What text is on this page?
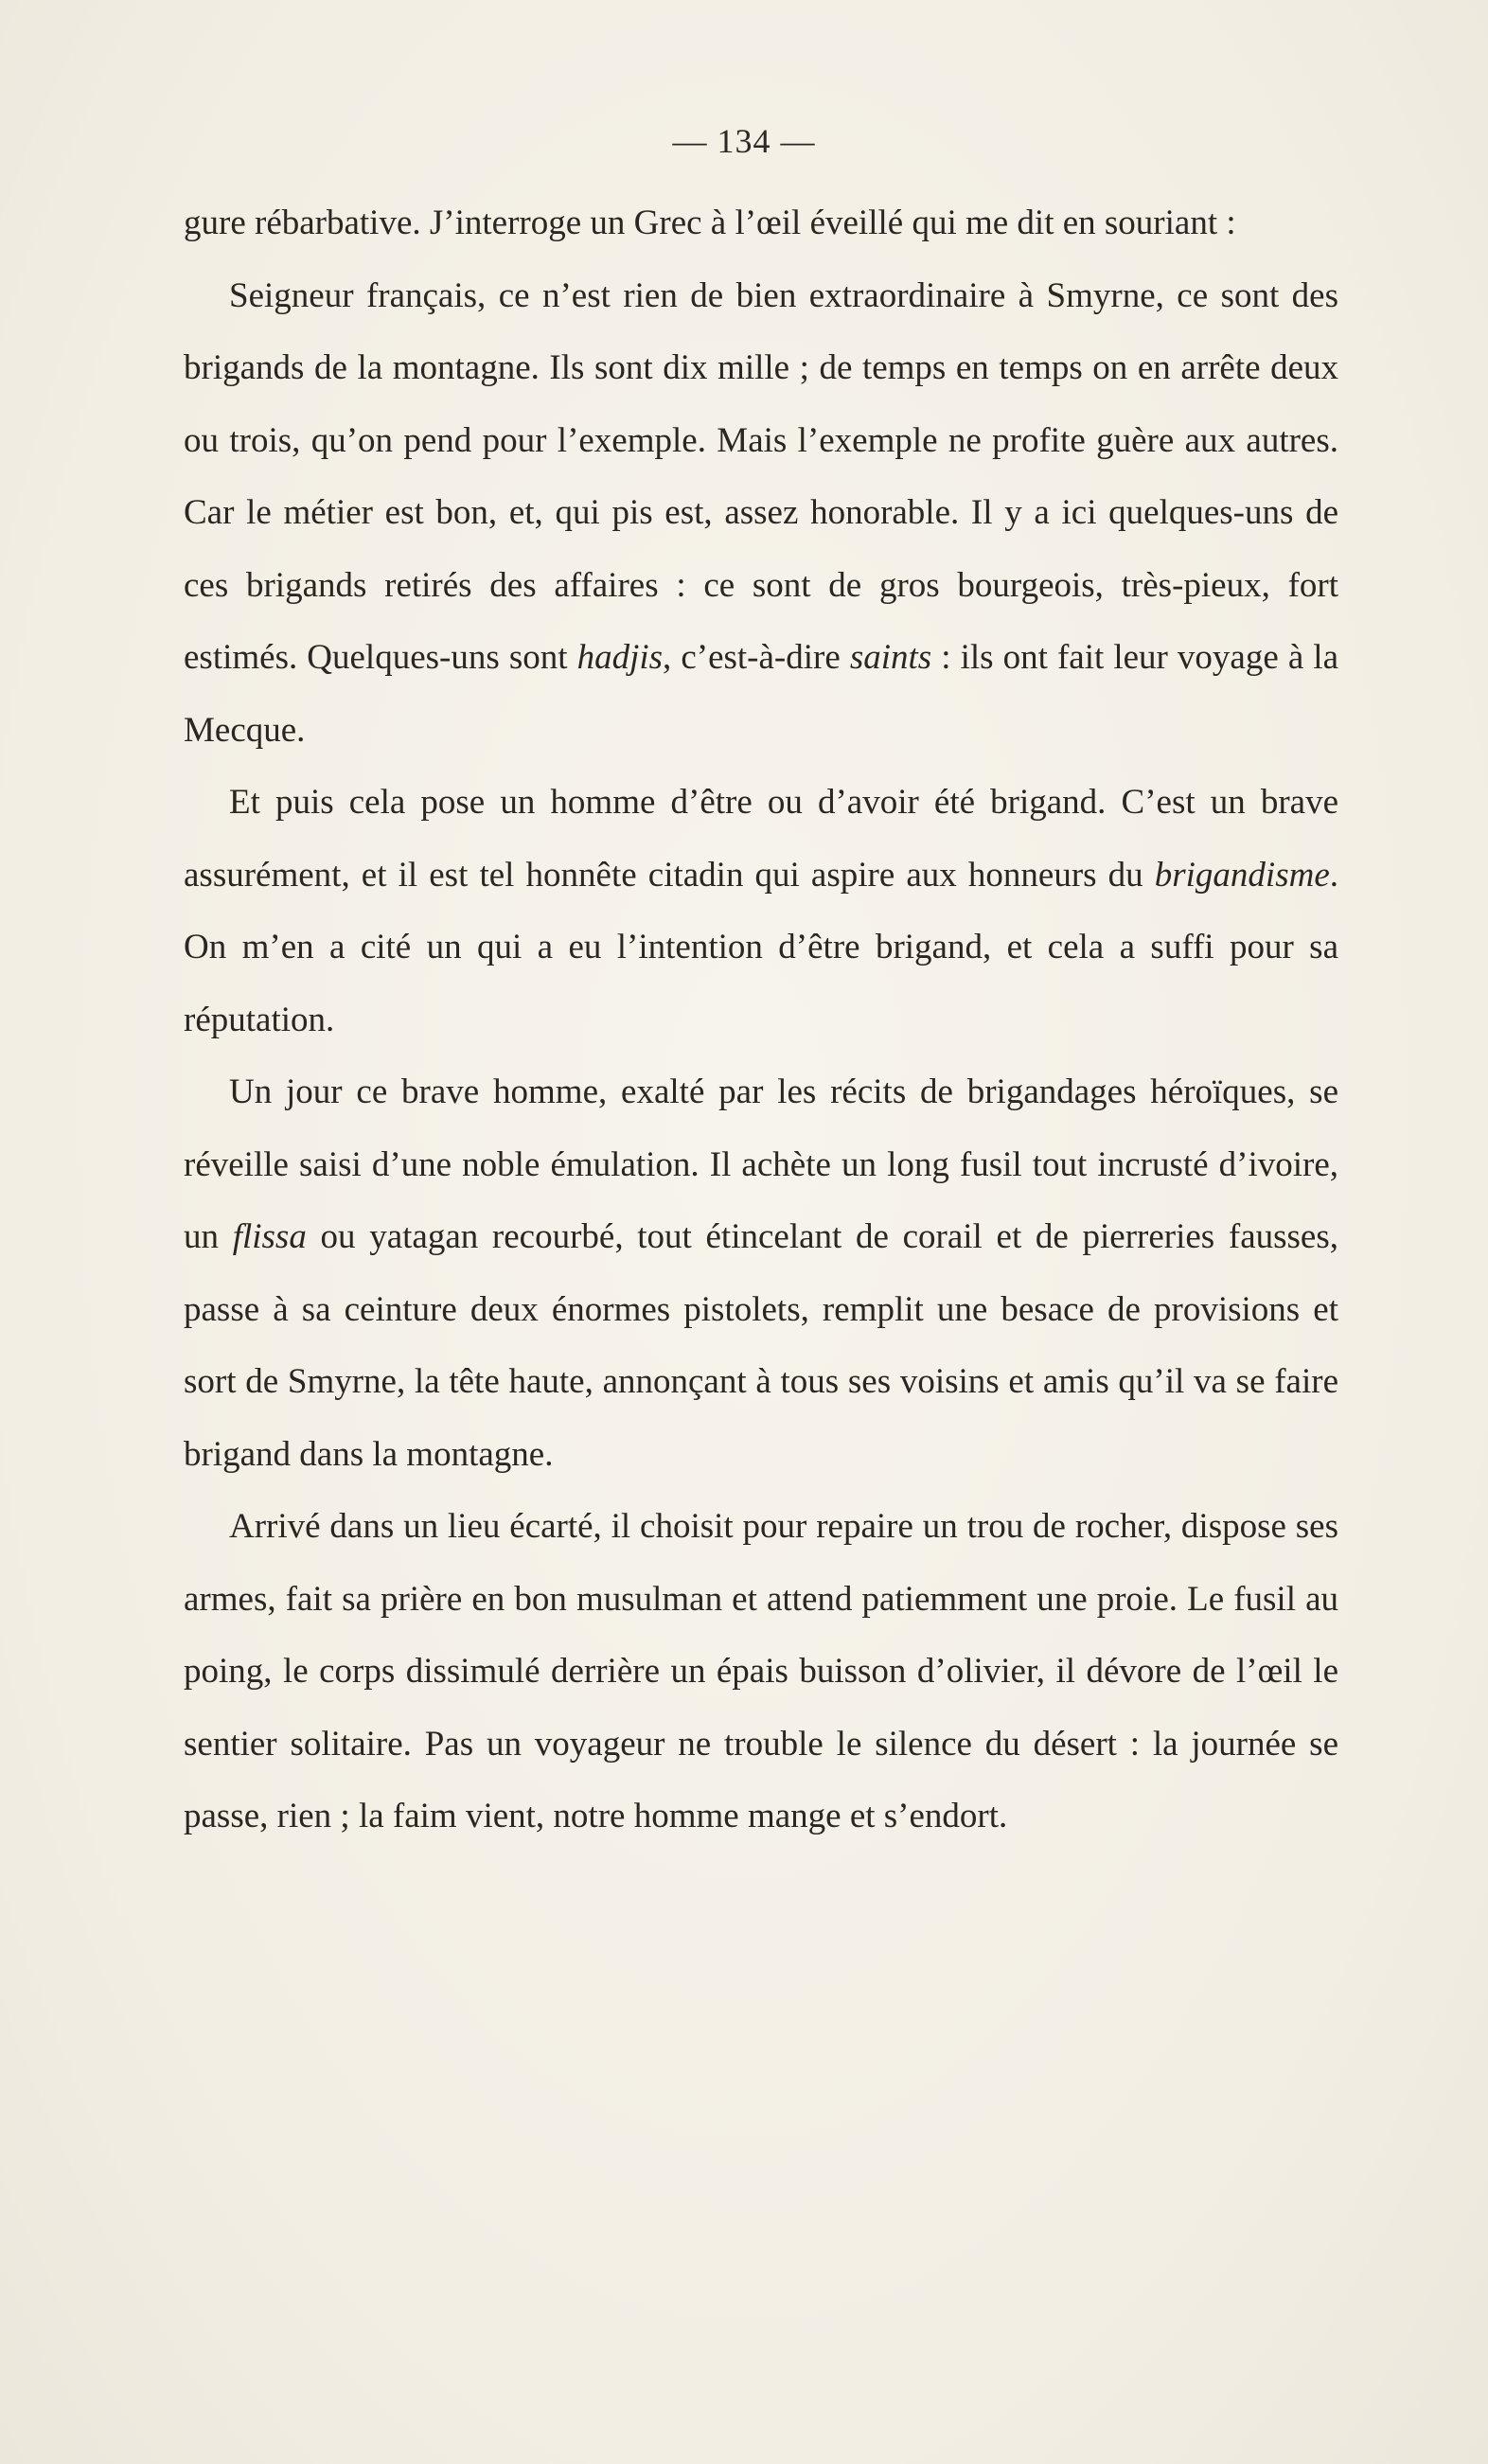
— 134 —

gure rébarbative. J’interroge un Grec à l’œil éveillé qui me dit en souriant :

Seigneur français, ce n’est rien de bien extraordinaire à Smyrne, ce sont des brigands de la montagne. Ils sont dix mille ; de temps en temps on en arrête deux ou trois, qu’on pend pour l’exemple. Mais l’exemple ne profite guère aux autres. Car le métier est bon, et, qui pis est, assez honorable. Il y a ici quelques-uns de ces brigands retirés des affaires : ce sont de gros bourgeois, très-pieux, fort estimés. Quelques-uns sont hadjis, c’est-à-dire saints : ils ont fait leur voyage à la Mecque.

Et puis cela pose un homme d’être ou d’avoir été brigand. C’est un brave assurément, et il est tel honnête citadin qui aspire aux honneurs du brigandisme. On m’en a cité un qui a eu l’intention d’être brigand, et cela a suffi pour sa réputation.

Un jour ce brave homme, exalté par les récits de brigandages héroïques, se réveille saisi d’une noble émulation. Il achète un long fusil tout incrusté d’ivoire, un flissa ou yatagan recourbé, tout étincelant de corail et de pierreries fausses, passe à sa ceinture deux énormes pistolets, remplit une besace de provisions et sort de Smyrne, la tête haute, annonçant à tous ses voisins et amis qu’il va se faire brigand dans la montagne.

Arrivé dans un lieu écarté, il choisit pour repaire un trou de rocher, dispose ses armes, fait sa prière en bon musulman et attend patiemment une proie. Le fusil au poing, le corps dissimulé derrière un épais buisson d’olivier, il dévore de l’œil le sentier solitaire. Pas un voyageur ne trouble le silence du désert : la journée se passe, rien ; la faim vient, notre homme mange et s’endort.
